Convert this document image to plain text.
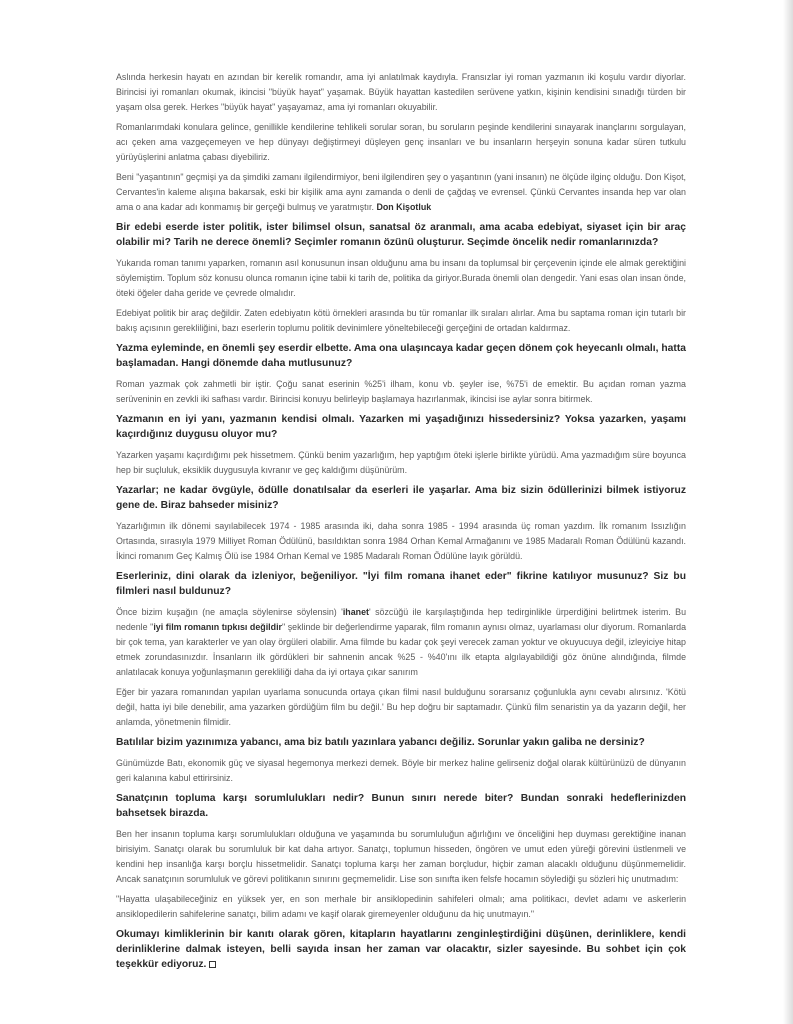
Aslında herkesin hayatı en azından bir kerelik romandır, ama iyi anlatılmak kaydıyla. Fransızlar iyi roman yazmanın iki koşulu vardır diyorlar. Birincisi iyi romanları okumak, ikincisi "büyük hayat" yaşamak. Büyük hayattan kastedilen serüvene yatkın, kişinin kendisini sınadığı türden bir yaşam olsa gerek. Herkes "büyük hayat" yaşayamaz, ama iyi romanları okuyabilir.

Romanlarımdaki konulara gelince, genillikle kendilerine tehlikeli sorular soran, bu soruların peşinde kendilerini sınayarak inançlarını sorgulayan, acı çeken ama vazgeçemeyen ve hep dünyayı değiştirmeyi düşleyen genç insanları ve bu insanların herşeyin sonuna kadar süren tutkulu yürüyüşlerini anlatma çabası diyebiliriz.

Beni "yaşantının" geçmişi ya da şimdiki zamanı ilgilendirmiyor, beni ilgilendiren şey o yaşantının (yani insanın) ne ölçüde ilginç olduğu. Don Kişot, Cervantes'in kaleme alışına bakarsak, eski bir kişilik ama aynı zamanda o denli de çağdaş ve evrensel. Çünkü Cervantes insanda hep var olan ama o ana kadar adı konmamış bir gerçeği bulmuş ve yaratmıştır. Don Kişotluk

Bir edebi eserde ister politik, ister bilimsel olsun, sanatsal öz aranmalı, ama acaba edebiyat, siyaset için bir araç olabilir mi? Tarih ne derece önemli? Seçimler romanın özünü oluşturur. Seçimde öncelik nedir romanlarınızda?

Yukarıda roman tanımı yaparken, romanın asıl konusunun insan olduğunu ama bu insanı da toplumsal bir çerçevenin içinde ele almak gerektiğini söylemiştim. Toplum söz konusu olunca romanın içine tabii ki tarih de, politika da giriyor.Burada önemli olan dengedir. Yani esas olan insan önde, öteki öğeler daha geride ve çevrede olmalıdır.

Edebiyat politik bir araç değildir. Zaten edebiyatın kötü örnekleri arasında bu tür romanlar ilk sıraları alırlar. Ama bu saptama roman için tutarlı bir bakış açısının gerekliliğini, bazı eserlerin toplumu politik devinimlere yöneltebileceği gerçeğini de ortadan kaldırmaz.

Yazma eyleminde, en önemli şey eserdir elbette. Ama ona ulaşıncaya kadar geçen dönem çok heyecanlı olmalı, hatta başlamadan. Hangi dönemde daha mutlusunuz?

Roman yazmak çok zahmetli bir iştir. Çoğu sanat eserinin %25'i ilham, konu vb. şeyler ise, %75'i de emektir. Bu açıdan roman yazma serüveninin en zevkli iki safhası vardır. Birincisi konuyu belirleyip başlamaya hazırlanmak, ikincisi ise aylar sonra bitirmek.

Yazmanın en iyi yanı, yazmanın kendisi olmalı. Yazarken mi yaşadığınızı hissedersiniz? Yoksa yazarken, yaşamı kaçırdığınız duygusu oluyor mu?

Yazarken yaşamı kaçırdığımı pek hissetmem. Çünkü benim yazarlığım, hep yaptığım öteki işlerle birlikte yürüdü. Ama yazmadığım süre boyunca hep bir suçluluk, eksiklik duygusuyla kıvranır ve geç kaldığımı düşünürüm.

Yazarlar; ne kadar övgüyle, ödülle donatılsalar da eserleri ile yaşarlar. Ama biz sizin ödüllerinizi bilmek istiyoruz gene de. Biraz bahseder misiniz?

Yazarlığımın ilk dönemi sayılabilecek 1974 - 1985 arasında iki, daha sonra 1985 - 1994 arasında üç roman yazdım. İlk romanım Issızlığın Ortasında, sırasıyla 1979 Milliyet Roman Ödülünü, basıldıktan sonra 1984 Orhan Kemal Armağanını ve 1985 Madaralı Roman Ödülünü kazandı. İkinci romanım Geç Kalmış Ölü ise 1984 Orhan Kemal ve 1985 Madaralı Roman Ödülüne layık görüldü.

Eserleriniz, dini olarak da izleniyor, beğeniliyor. "İyi film romana ihanet eder" fikrine katılıyor musunuz? Siz bu filmleri nasıl buldunuz?

Önce bizim kuşağın (ne amaçla söylenirse söylensin) 'ihanet' sözcüğü ile karşılaştığında hep tedirginlikle ürperdiğini belirtmek isterim. Bu nedenle "iyi film romanın tıpkısı değildir" şeklinde bir değerlendirme yaparak, film romanın aynısı olmaz, uyarlaması olur diyorum. Romanlarda bir çok tema, yan karakterler ve yan olay örgüleri olabilir. Ama filmde bu kadar çok şeyi verecek zaman yoktur ve okuyucuya değil, izleyiciye hitap etmek zorundasınızdır. İnsanların ilk gördükleri bir sahnenin ancak %25 - %40'ını ilk etapta algılayabildiği göz önüne alındığında, filmde anlatılacak konuya yoğunlaşmanın gerekliliği daha da iyi ortaya çıkar sanırım

Eğer bir yazara romanından yapılan uyarlama sonucunda ortaya çıkan filmi nasıl bulduğunu sorarsanız çoğunlukla aynı cevabı alırsınız. 'Kötü değil, hatta iyi bile denebilir, ama yazarken gördüğüm film bu değil.' Bu hep doğru bir saptamadır. Çünkü film senaristin ya da yazarın değil, her anlamda, yönetmenin filmidir.

Batılılar bizim yazınımıza yabancı, ama biz batılı yazınlara yabancı değiliz. Sorunlar yakın galiba ne dersiniz?

Günümüzde Batı, ekonomik güç ve siyasal hegemonya merkezi demek. Böyle bir merkez haline gelirseniz doğal olarak kültürünüzü de dünyanın geri kalanına kabul ettirirsiniz.

Sanatçının topluma karşı sorumlulukları nedir? Bunun sınırı nerede biter? Bundan sonraki hedeflerinizden bahsetsek birazda.

Ben her insanın topluma karşı sorumlulukları olduğuna ve yaşamında bu sorumluluğun ağırlığını ve önceliğini hep duyması gerektiğine inanan birisiyim. Sanatçı olarak bu sorumluluk bir kat daha artıyor. Sanatçı, toplumun hisseden, öngören ve umut eden yüreği görevini üstlenmeli ve kendini hep insanlığa karşı borçlu hissetmelidir. Sanatçı topluma karşı her zaman borçludur, hiçbir zaman alacaklı olduğunu düşünmemelidir. Ancak sanatçının sorumluluk ve görevi politikanın sınırını geçmemelidir. Lise son sınıfta iken felsfe hocamın söylediği şu sözleri hiç unutmadım:

"Hayatta ulaşabileceğiniz en yüksek yer, en son merhale bir ansiklopedinin sahifeleri olmalı; ama politikacı, devlet adamı ve askerlerin ansiklopedilerin sahifelerine sanatçı, bilim adamı ve kaşif olarak giremeyenler olduğunu da hiç unutmayın."

Okumayı kimliklerinin bir kanıtı olarak gören, kitapların hayatlarını zenginleştirdiğini düşünen, derinliklere, kendi derinliklerine dalmak isteyen, belli sayıda insan her zaman var olacaktır, sizler sayesinde. Bu sohbet için çok teşekkür ediyoruz.
